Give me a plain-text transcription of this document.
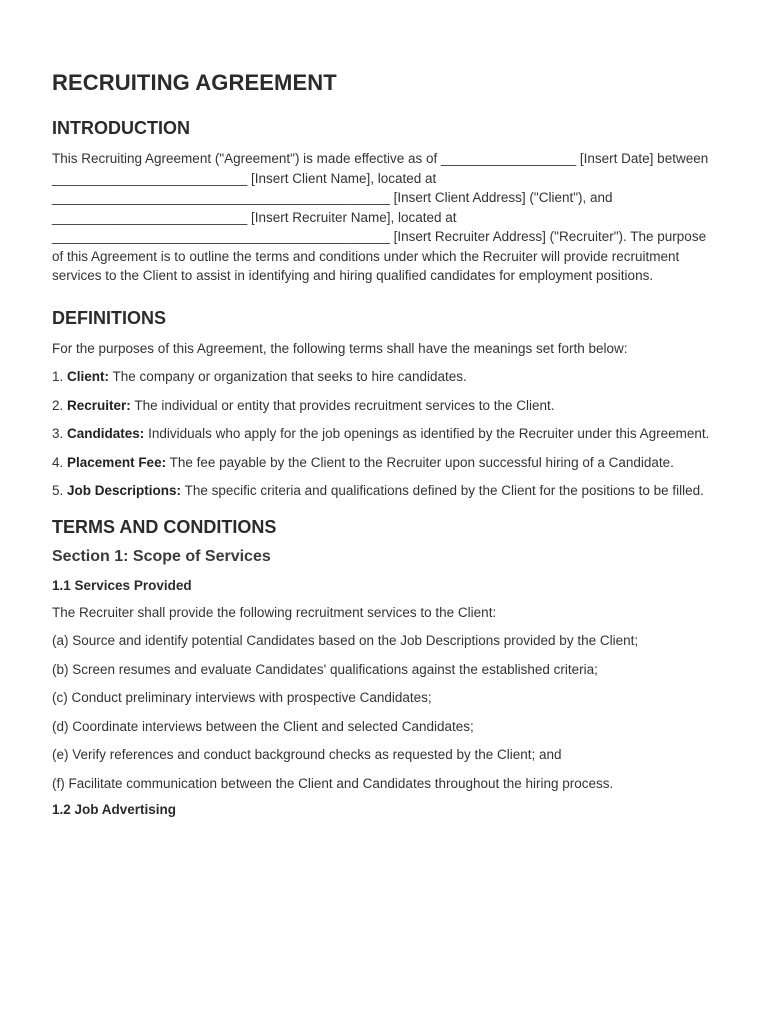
RECRUITING AGREEMENT
INTRODUCTION

This Recruiting Agreement ("Agreement") is made effective as of __________________ [Insert Date] between __________________________ [Insert Client Name], located at _____________________________________________ [Insert Client Address] ("Client"), and __________________________ [Insert Recruiter Name], located at _____________________________________________ [Insert Recruiter Address] ("Recruiter"). The purpose of this Agreement is to outline the terms and conditions under which the Recruiter will provide recruitment services to the Client to assist in identifying and hiring qualified candidates for employment positions.

DEFINITIONS

For the purposes of this Agreement, the following terms shall have the meanings set forth below:

1. Client: The company or organization that seeks to hire candidates.

2. Recruiter: The individual or entity that provides recruitment services to the Client.

3. Candidates: Individuals who apply for the job openings as identified by the Recruiter under this Agreement.

4. Placement Fee: The fee payable by the Client to the Recruiter upon successful hiring of a Candidate.

5. Job Descriptions: The specific criteria and qualifications defined by the Client for the positions to be filled.

TERMS AND CONDITIONS
Section 1: Scope of Services
1.1 Services Provided

The Recruiter shall provide the following recruitment services to the Client:

(a) Source and identify potential Candidates based on the Job Descriptions provided by the Client;

(b) Screen resumes and evaluate Candidates' qualifications against the established criteria;

(c) Conduct preliminary interviews with prospective Candidates;

(d) Coordinate interviews between the Client and selected Candidates;

(e) Verify references and conduct background checks as requested by the Client; and

(f) Facilitate communication between the Client and Candidates throughout the hiring process.

1.2 Job Advertising
